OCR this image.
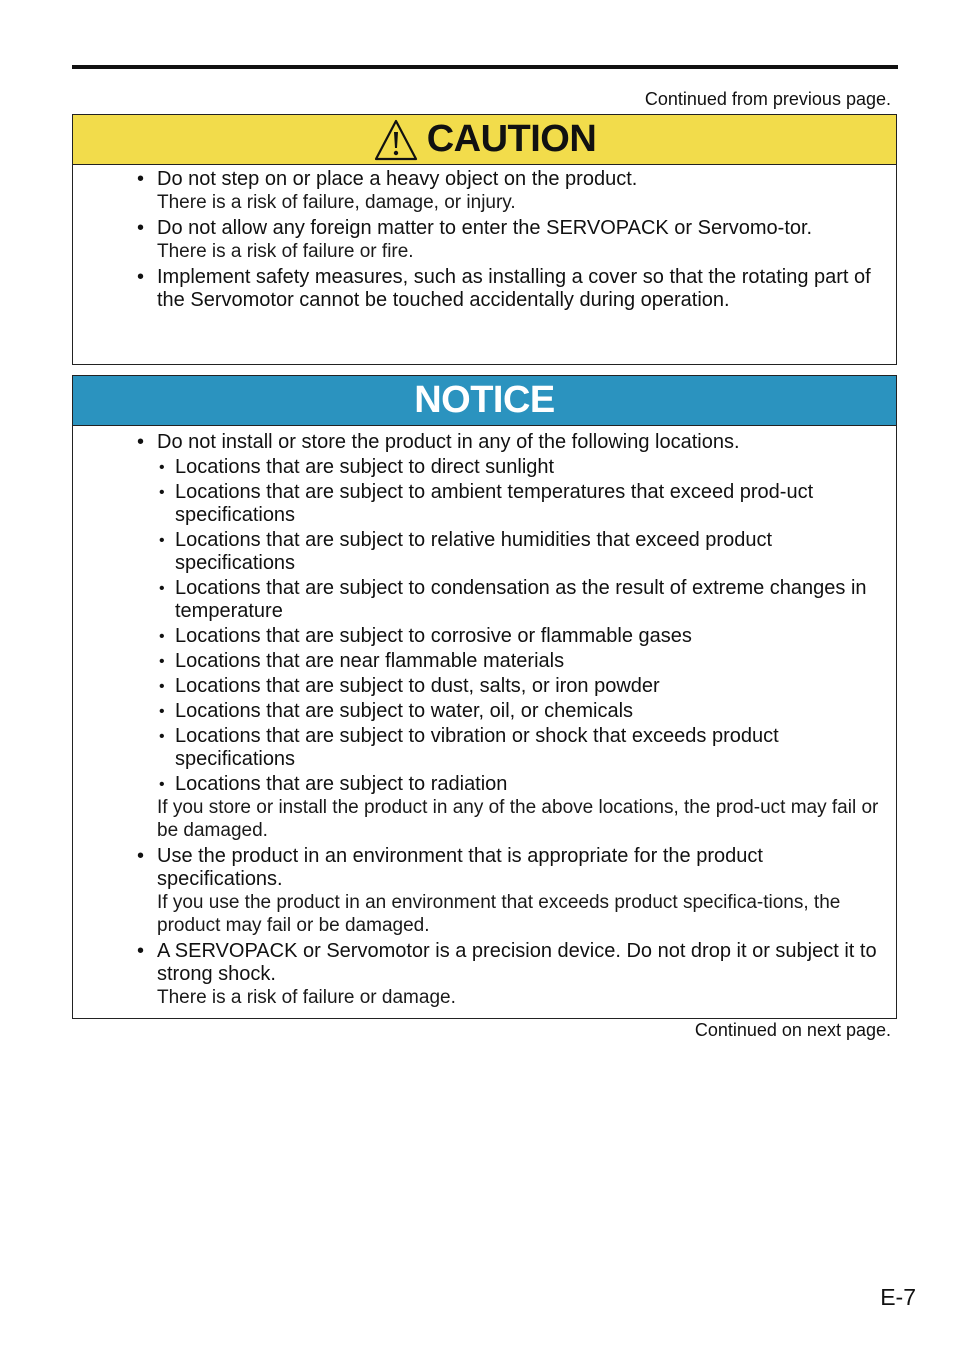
Continued from previous page.
CAUTION
• Do not step on or place a heavy object on the product.
There is a risk of failure, damage, or injury.
• Do not allow any foreign matter to enter the SERVOPACK or Servomo-tor.
There is a risk of failure or fire.
• Implement safety measures, such as installing a cover so that the rotating part of the Servomotor cannot be touched accidentally during operation.
NOTICE
• Do not install or store the product in any of the following locations.
• Locations that are subject to direct sunlight
• Locations that are subject to ambient temperatures that exceed prod-uct specifications
• Locations that are subject to relative humidities that exceed product specifications
• Locations that are subject to condensation as the result of extreme changes in temperature
• Locations that are subject to corrosive or flammable gases
• Locations that are near flammable materials
• Locations that are subject to dust, salts, or iron powder
• Locations that are subject to water, oil, or chemicals
• Locations that are subject to vibration or shock that exceeds product specifications
• Locations that are subject to radiation
If you store or install the product in any of the above locations, the prod-uct may fail or be damaged.
• Use the product in an environment that is appropriate for the product specifications.
If you use the product in an environment that exceeds product specifica-tions, the product may fail or be damaged.
• A SERVOPACK or Servomotor is a precision device. Do not drop it or subject it to strong shock.
There is a risk of failure or damage.
Continued on next page.
E-7
